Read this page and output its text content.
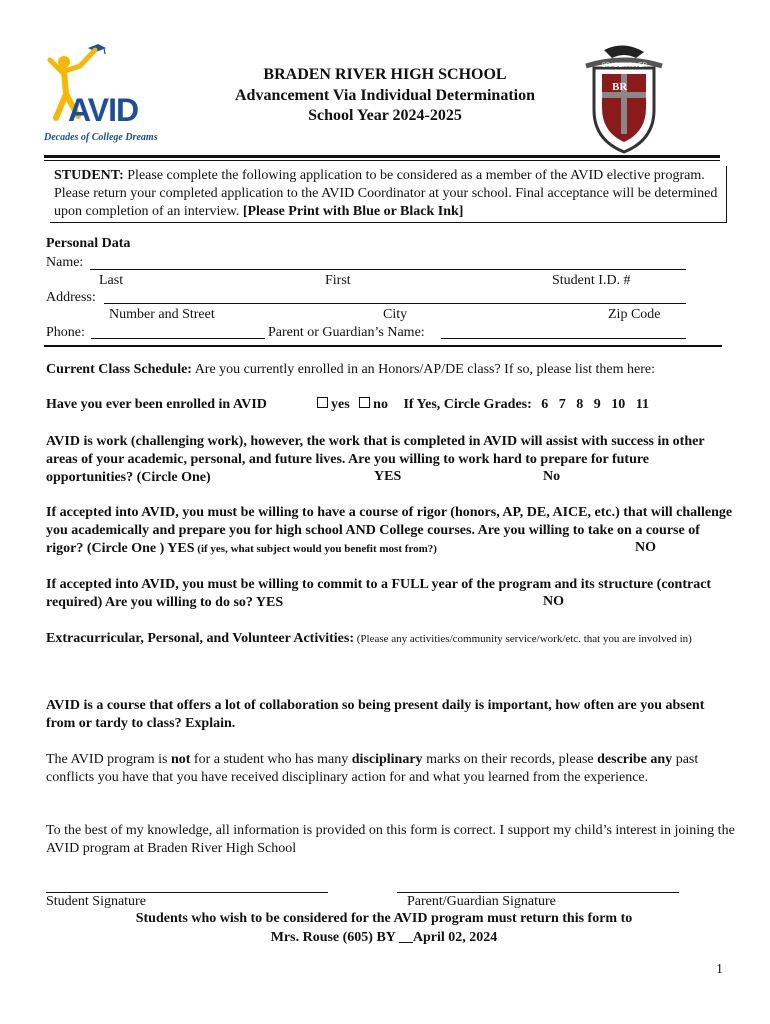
AVID
Decades of College Dreams
BRADEN RIVER HIGH SCHOOL
Advancement Via Individual Determination
School Year 2024-2025
BR
BRADEN RIVER
STUDENT: Please complete the following application to be considered as a member of the AVID elective program. Please return your completed application to the AVID Coordinator at your school. Final acceptance will be determined upon completion of an interview. [Please Print with Blue or Black Ink]
Personal Data
Name:
Last	First	Student I.D. #
Address:
Number and Street	City	Zip Code
Phone:	Parent or Guardian’s Name:
Current Class Schedule: Are you currently enrolled in an Honors/AP/DE class? If so, please list them here:
Have you ever been enrolled in AVID	yes no If Yes, Circle Grades: 6   7   8   9   10   11
AVID is work (challenging work), however, the work that is completed in AVID will assist with success in other areas of your academic, personal, and future lives. Are you willing to work hard to prepare for future opportunities? (Circle One)	YES	No
If accepted into AVID, you must be willing to have a course of rigor (honors, AP, DE, AICE, etc.) that will challenge you academically and prepare you for high school AND College courses. Are you willing to take on a course of rigor? (Circle One ) YES (if yes, what subject would you benefit most from?)	NO
If accepted into AVID, you must be willing to commit to a FULL year of the program and its structure (contract required) Are you willing to do so? YES	NO
Extracurricular, Personal, and Volunteer Activities: (Please any activities/community service/work/etc. that you are involved in)
AVID is a course that offers a lot of collaboration so being present daily is important, how often are you absent from or tardy to class? Explain.
The AVID program is not for a student who has many disciplinary marks on their records, please describe any past conflicts you have that you have received disciplinary action for and what you learned from the experience.
To the best of my knowledge, all information is provided on this form is correct. I support my child’s interest in joining the AVID program at Braden River High School
Student Signature	Parent/Guardian Signature
Students who wish to be considered for the AVID program must return this form to
Mrs. Rouse (605) BY __April 02, 2024
1
